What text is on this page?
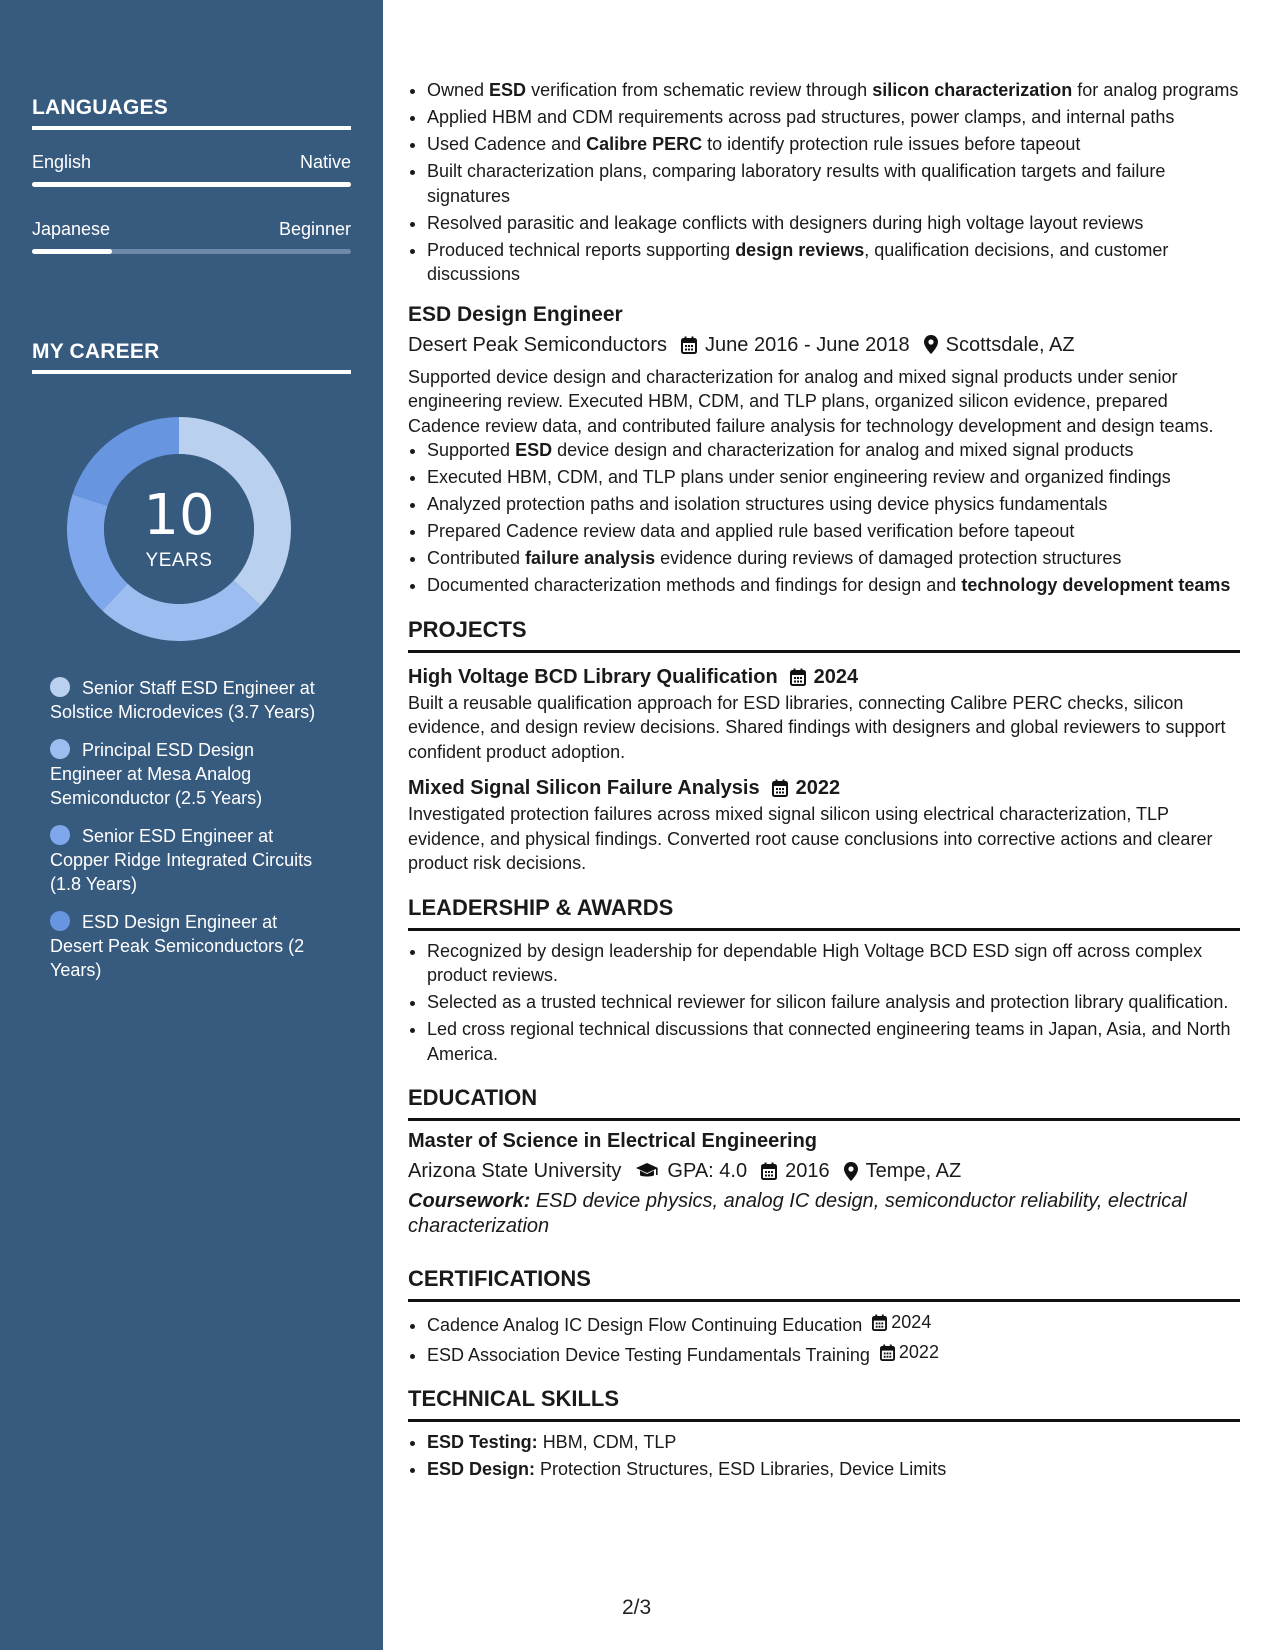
LANGUAGES
English	Native
Japanese	Beginner
MY CAREER
10
YEARS
Senior Staff ESD Engineer at Solstice Microdevices (3.7 Years)
Principal ESD Design Engineer at Mesa Analog Semiconductor (2.5 Years)
Senior ESD Engineer at Copper Ridge Integrated Circuits (1.8 Years)
ESD Design Engineer at Desert Peak Semiconductors (2 Years)
• Owned ESD verification from schematic review through silicon characterization for analog programs
• Applied HBM and CDM requirements across pad structures, power clamps, and internal paths
• Used Cadence and Calibre PERC to identify protection rule issues before tapeout
• Built characterization plans, comparing laboratory results with qualification targets and failure signatures
• Resolved parasitic and leakage conflicts with designers during high voltage layout reviews
• Produced technical reports supporting design reviews, qualification decisions, and customer discussions
ESD Design Engineer
Desert Peak Semiconductors June 2016 - June 2018 Scottsdale, AZ
Supported device design and characterization for analog and mixed signal products under senior engineering review. Executed HBM, CDM, and TLP plans, organized silicon evidence, prepared Cadence review data, and contributed failure analysis for technology development and design teams.
• Supported ESD device design and characterization for analog and mixed signal products
• Executed HBM, CDM, and TLP plans under senior engineering review and organized findings
• Analyzed protection paths and isolation structures using device physics fundamentals
• Prepared Cadence review data and applied rule based verification before tapeout
• Contributed failure analysis evidence during reviews of damaged protection structures
• Documented characterization methods and findings for design and technology development teams
PROJECTS
High Voltage BCD Library Qualification 2024
Built a reusable qualification approach for ESD libraries, connecting Calibre PERC checks, silicon evidence, and design review decisions. Shared findings with designers and global reviewers to support confident product adoption.
Mixed Signal Silicon Failure Analysis 2022
Investigated protection failures across mixed signal silicon using electrical characterization, TLP evidence, and physical findings. Converted root cause conclusions into corrective actions and clearer product risk decisions.
LEADERSHIP & AWARDS
• Recognized by design leadership for dependable High Voltage BCD ESD sign off across complex product reviews.
• Selected as a trusted technical reviewer for silicon failure analysis and protection library qualification.
• Led cross regional technical discussions that connected engineering teams in Japan, Asia, and North America.
EDUCATION
Master of Science in Electrical Engineering
Arizona State University GPA: 4.0 2016 Tempe, AZ
Coursework: ESD device physics, analog IC design, semiconductor reliability, electrical characterization
CERTIFICATIONS
• Cadence Analog IC Design Flow Continuing Education 2024
• ESD Association Device Testing Fundamentals Training 2022
TECHNICAL SKILLS
• ESD Testing: HBM, CDM, TLP
• ESD Design: Protection Structures, ESD Libraries, Device Limits
2/3
